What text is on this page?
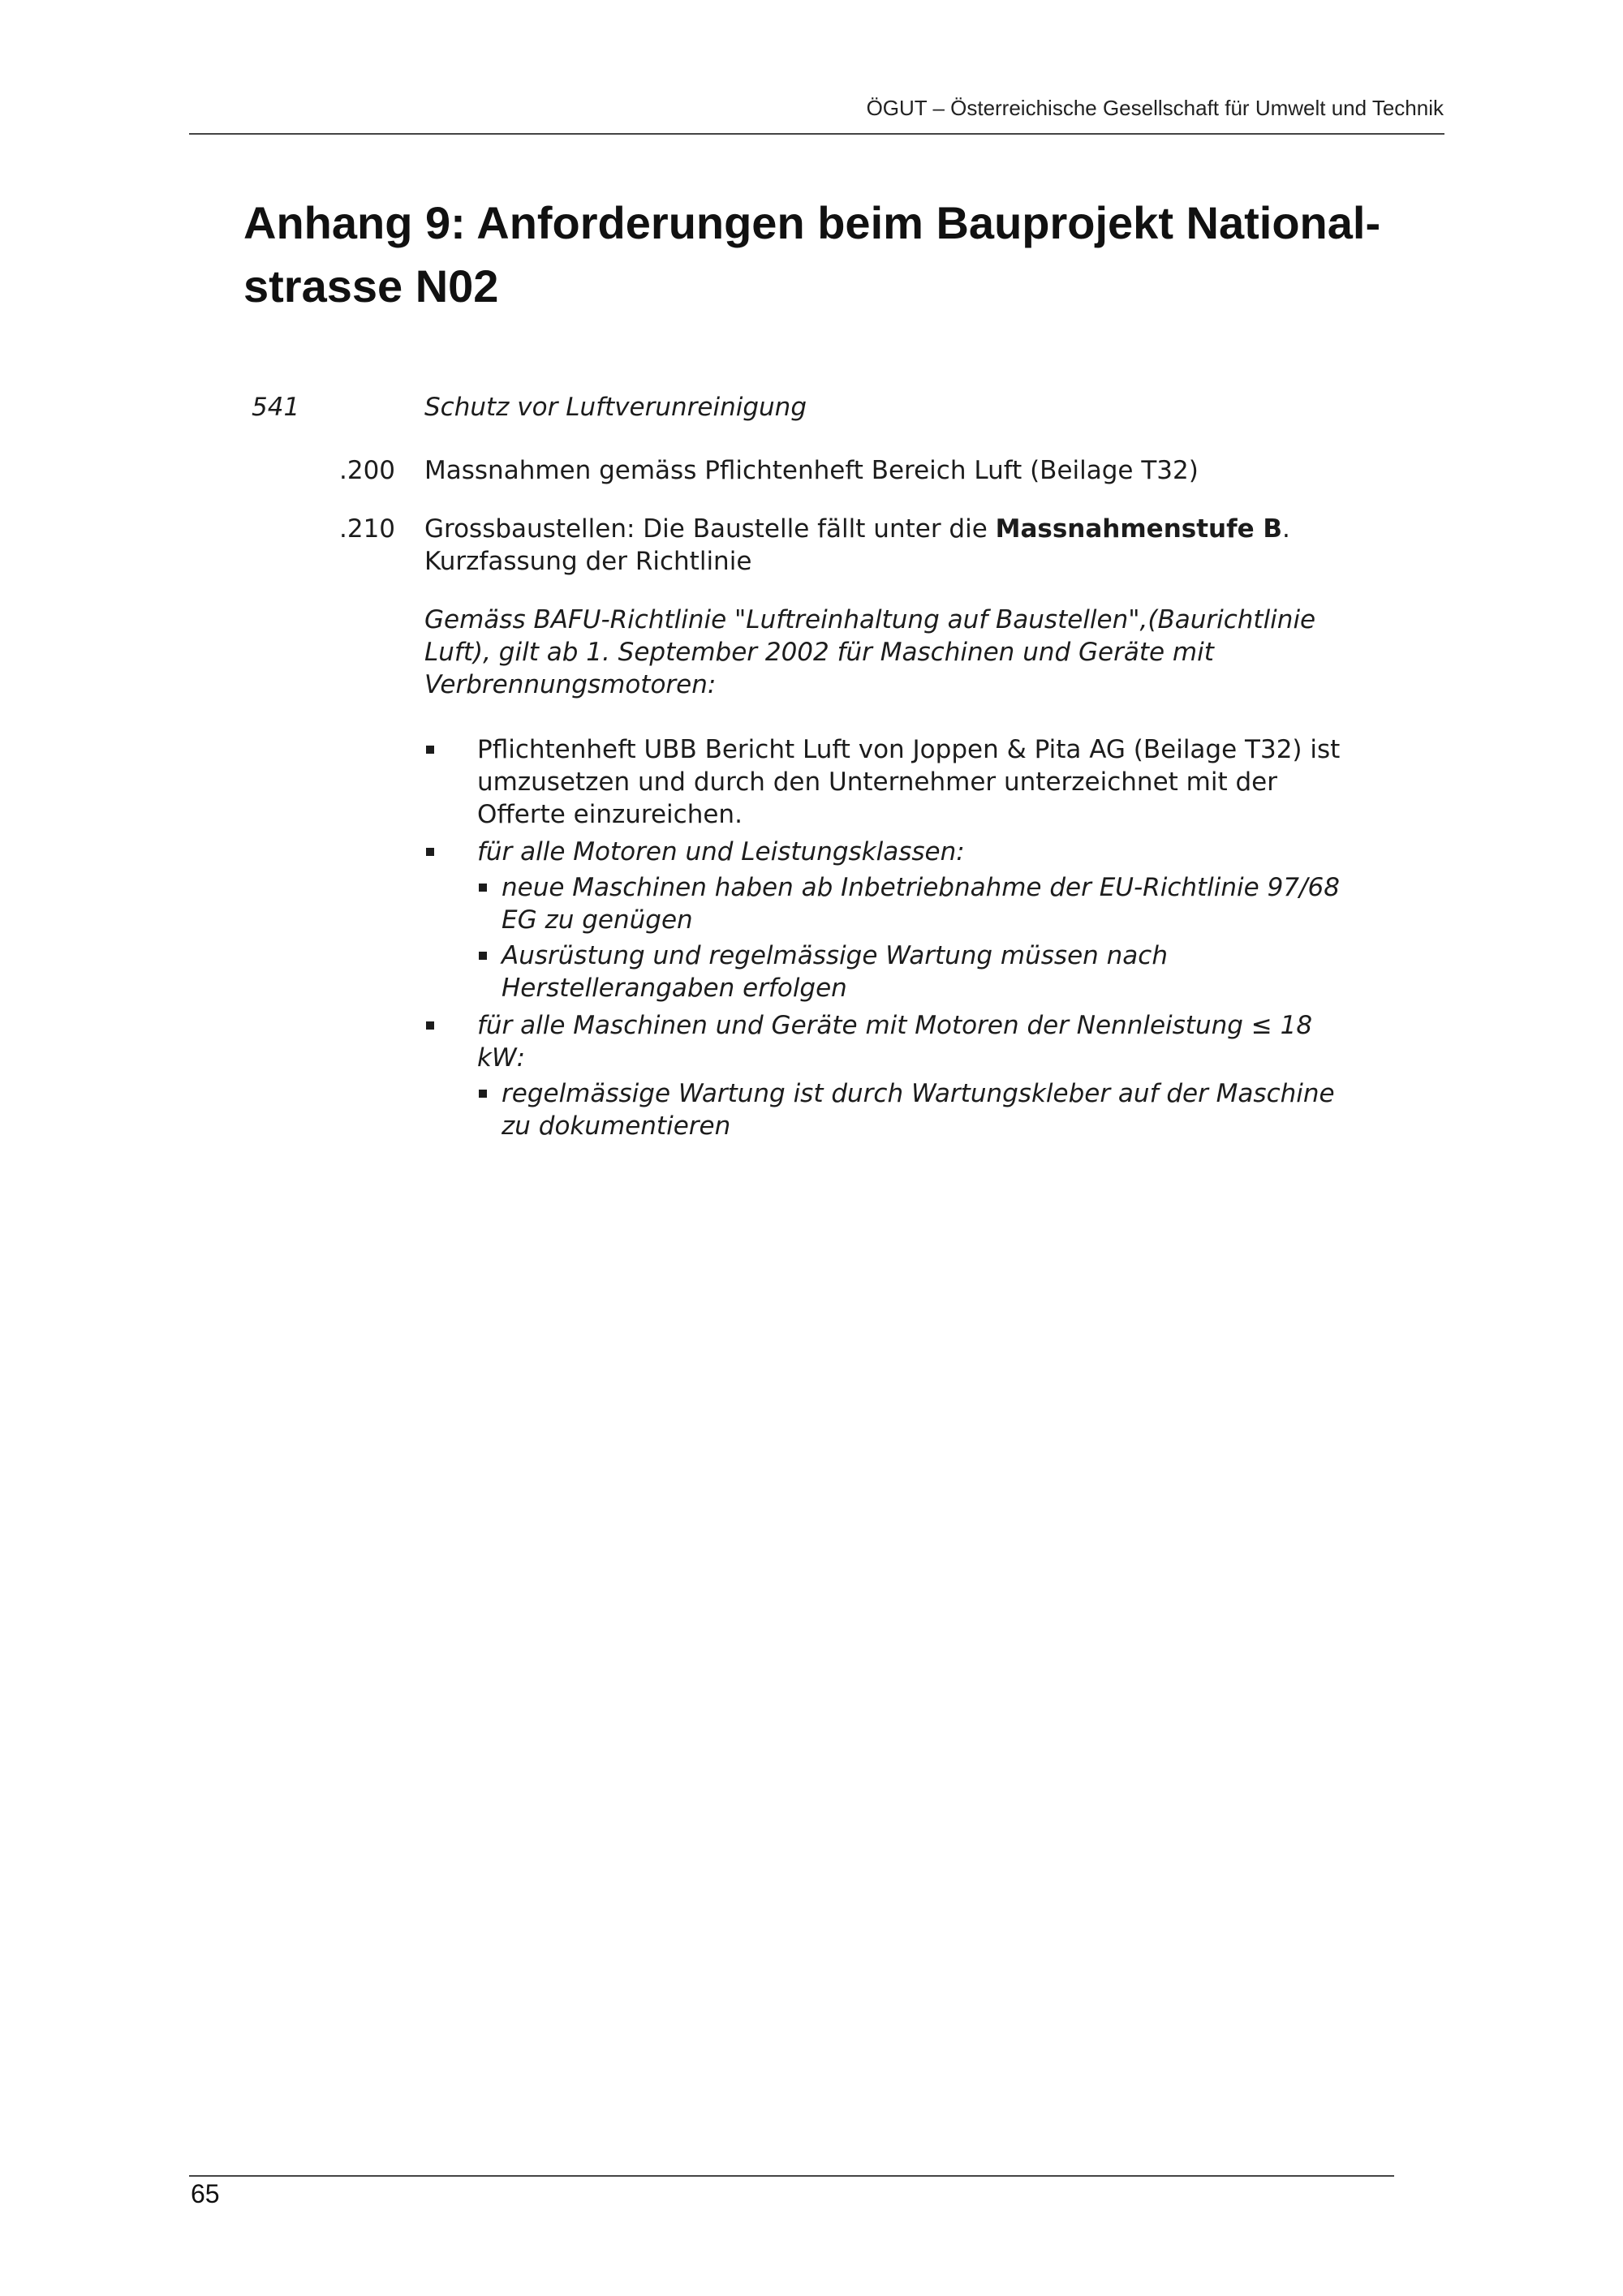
ÖGUT – Österreichische Gesellschaft für Umwelt und Technik
Anhang 9: Anforderungen beim Bauprojekt National-
strasse N02
541	Schutz vor Luftverunreinigung
.200 Massnahmen gemäss Pflichtenheft Bereich Luft (Beilage T32)
.210 Grossbaustellen: Die Baustelle fällt unter die Massnahmenstufe B. Kurzfassung der Richtlinie
Gemäss BAFU-Richtlinie "Luftreinhaltung auf Baustellen",(Baurichtlinie Luft), gilt ab 1. September 2002 für Maschinen und Geräte mit Verbrennungsmotoren:
Pflichtenheft UBB Bericht Luft von Joppen & Pita AG (Beilage T32) ist umzusetzen und durch den Unternehmer unterzeichnet mit der Offerte einzureichen.
für alle Motoren und Leistungsklassen:
neue Maschinen haben ab Inbetriebnahme der EU-Richtlinie 97/68 EG zu genügen
Ausrüstung und regelmässige Wartung müssen nach Herstellerangaben erfolgen
für alle Maschinen und Geräte mit Motoren der Nennleistung ≤ 18 kW:
regelmässige Wartung ist durch Wartungskleber auf der Maschine zu dokumentieren
65
